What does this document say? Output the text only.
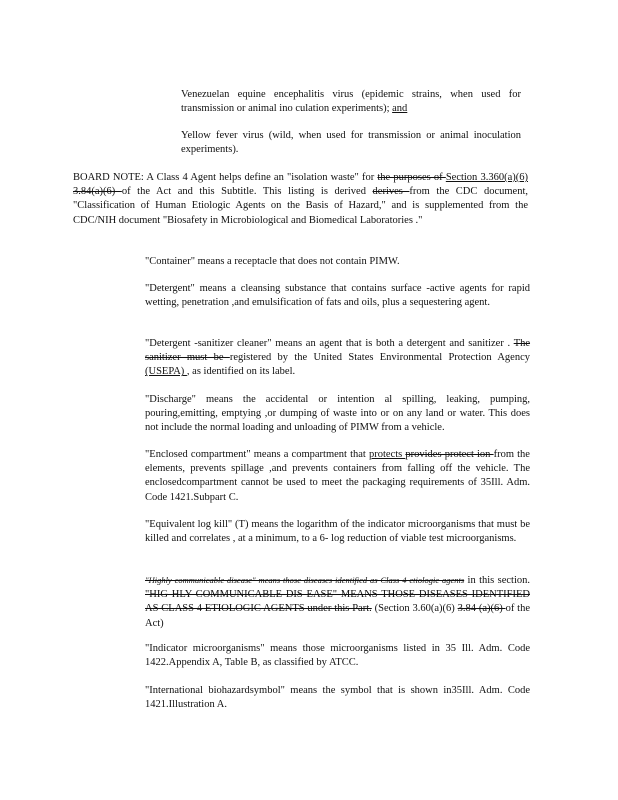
Venezuelan equine encephalitis virus (epidemic strains, when used for transmission or animal ino culation experiments); and
Yellow fever virus (wild, when used for transmission or animal inoculation experiments).
BOARD NOTE: A Class 4 Agent helps define an "isolation waste" for the purposes of Section 3.360(a)(6) 3.84(a)(6) of the Act and this Subtitle. This listing is derived derives from the CDC document, "Classification of Human Etiologic Agents on the Basis of Hazard," and is supplemented from the CDC/NIH document "Biosafety in Microbiological and Biomedical Laboratories ."
"Container" means a receptacle that does not contain PIMW.
"Detergent" means a cleansing substance that contains surface -active agents for rapid wetting, penetration ,and emulsification of fats and oils, plus a sequestering agent.
"Detergent -sanitizer cleaner" means an agent that is both a detergent and sanitizer . The sanitizer must be registered by the United States Environmental Protection Agency (USEPA) , as identified on its label.
"Discharge" means the accidental or intention al spilling, leaking, pumping, pouring,emitting, emptying ,or dumping of waste into or on any land or water. This does not include the normal loading and unloading of PIMW from a vehicle.
"Enclosed compartment" means a compartment that protects provides protect ion from the elements, prevents spillage ,and prevents containers from falling off the vehicle. The enclosedcompartment cannot be used to meet the packaging requirements of 35Ill. Adm. Code 1421.Subpart C.
"Equivalent log kill" (T) means the logarithm of the indicator microorganisms that must be killed and correlates , at a minimum, to a 6- log reduction of viable test microorganisms.
"Highly communicable disease" means those diseases identified as Class 4 etiologic agents in this section. "HIG HLY COMMUNICABLE DIS EASE" MEANS THOSE DISEASES IDENTIFIED AS CLASS 4 ETIOLOGIC AGENTS under this Part. (Section 3.60(a)(6) 3.84 (a)(6) of the Act)
"Indicator microorganisms" means those microorganisms listed in 35 Ill. Adm. Code 1422.Appendix A, Table B, as classified by ATCC.
"International biohazardsymbol" means the symbol that is shown in35Ill. Adm. Code 1421.Illustration A.
